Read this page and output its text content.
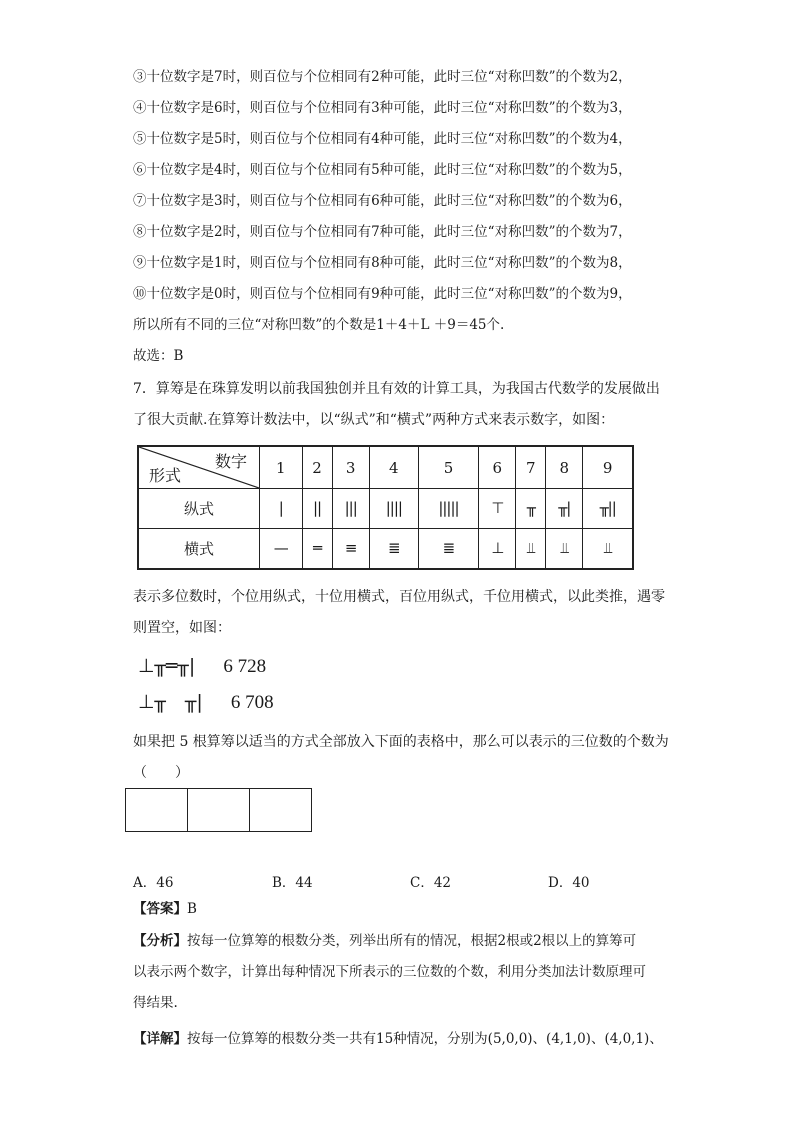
③十位数字是7时，则百位与个位相同有2种可能，此时三位“对称凹数”的个数为2，
④十位数字是6时，则百位与个位相同有3种可能，此时三位“对称凹数”的个数为3，
⑤十位数字是5时，则百位与个位相同有4种可能，此时三位“对称凹数”的个数为4，
⑥十位数字是4时，则百位与个位相同有5种可能，此时三位“对称凹数”的个数为5，
⑦十位数字是3时，则百位与个位相同有6种可能，此时三位“对称凹数”的个数为6，
⑧十位数字是2时，则百位与个位相同有7种可能，此时三位“对称凹数”的个数为7，
⑨十位数字是1时，则百位与个位相同有8种可能，此时三位“对称凹数”的个数为8，
⑩十位数字是0时，则百位与个位相同有9种可能，此时三位“对称凹数”的个数为9，
所以所有不同的三位“对称凹数”的个数是1＋4＋L ＋9＝45个.
故选：B
7．算筹是在珠算发明以前我国独创并且有效的计算工具，为我国古代数学的发展做出
了很大贡献.在算筹计数法中，以“纵式”和“横式”两种方式来表示数字，如图：
数字
形式	1	2	3	4	5	6	7	8	9
纵式	|	||	|||	||||	|||||	⊤	╥	╥|	╥||
横式	—	═	≡	≣	≣	⊥	⫫	⫫	⫫
表示多位数时，个位用纵式，十位用横式，百位用纵式，千位用横式，以此类推，遇零
则置空，如图：
⊥╥═╥| 6 728
⊥╥　╥| 6 708
如果把 5 根算筹以适当的方式全部放入下面的表格中，那么可以表示的三位数的个数为
（　　）

A．46	B．44	C．42	D．40
【答案】B
【分析】按每一位算筹的根数分类，列举出所有的情况，根据2根或2根以上的算筹可
以表示两个数字，计算出每种情况下所表示的三位数的个数，利用分类加法计数原理可
得结果.
【详解】按每一位算筹的根数分类一共有15种情况，分别为(5,0,0)、(4,1,0)、(4,0,1)、
